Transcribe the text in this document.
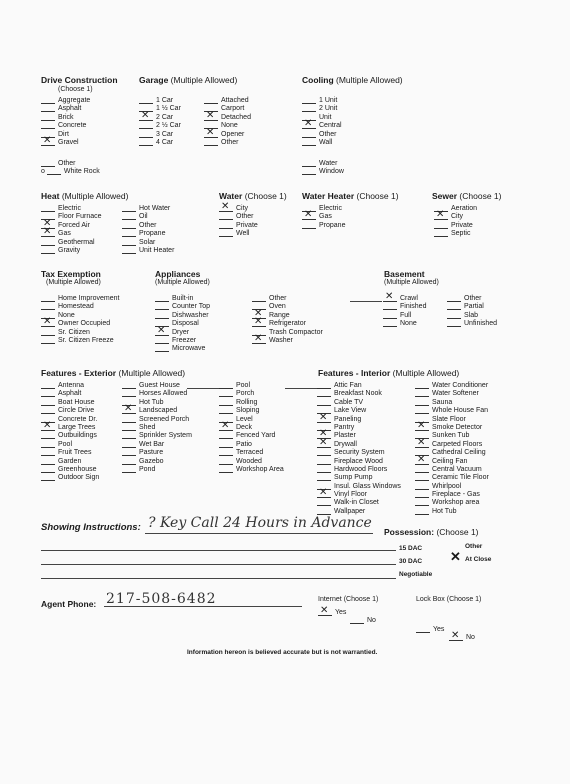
Drive Construction
(Choose 1)
Aggregate
Asphalt
Brick
Concrete
Dirt
✕Gravel
Other
o	White Rock
Garage (Multiple Allowed)
1 Car
1 ½ Car
✕2 Car
2 ½ Car
3 Car
4 Car
Attached
Carport
✕Detached
None
✕Opener
Other
Cooling (Multiple Allowed)
1 Unit
2 Unit
Unit
✕Central
Other
Wall
Water
Window
Heat (Multiple Allowed)
Electric
Floor Furnace
✕Forced Air
✕Gas
Geothermal
Gravity
Hot Water
Oil
Other
Propane
Solar
Unit Heater
Water (Choose 1)
✕City
Other
Private
Well
Water Heater (Choose 1)
Electric
✕Gas
Propane
Sewer (Choose 1)
Aeration
✕City
Private
Septic
Tax Exemption
(Multiple Allowed)
Home Improvement
Homestead
None
✕Owner Occupied
Sr. Citizen
Sr. Citizen Freeze
Appliances
(Multiple Allowed)
Built-in
Counter Top
Dishwasher
Disposal
✕Dryer
Freezer
Microwave
Other
Oven
✕Range
✕Refrigerator
Trash Compactor
✕Washer
Basement
(Multiple Allowed)
✕Crawl
Finished
Full
None
Other
Partial
Slab
Unfinished
Features - Exterior (Multiple Allowed)
Antenna
Asphalt
Boat House
Circle Drive
Concrete Dr.
✕Large Trees
Outbuildings
Pool
Fruit Trees
Garden
Greenhouse
Outdoor Sign
Guest House
Horses Allowed
Hot Tub
✕Landscaped
Screened Porch
Shed
Sprinkler System
Wet Bar
Pasture
Gazebo
Pond
Pool
Porch
Rolling
Sloping
Level
✕Deck
Fenced Yard
Patio
Terraced
Wooded
Workshop Area
Features - Interior (Multiple Allowed)
Attic Fan
Breakfast Nook
Cable TV
Lake View
✕Paneling
Pantry
✕Plaster
✕Drywall
Security System
Fireplace Wood
Hardwood Floors
Sump Pump
Insul. Glass Windows
✕Vinyl Floor
Walk-in Closet
Wallpaper
Water Conditioner
Water Softener
Sauna
Whole House Fan
Slate Floor
✕Smoke Detector
Sunken Tub
✕Carpeted Floors
Cathedral Ceiling
✕Ceiling Fan
Central Vacuum
Ceramic Tile Floor
Whirlpool
Fireplace - Gas
Workshop area
Hot Tub
Showing Instructions: ? Key Call 24 Hours in Advance
Possession: (Choose 1)
15 DAC
30 DAC
Negotiable
Other
✕ At Close
Agent Phone: 217-508-6482	Internet (Choose 1)
✕Yes
No
Lock Box (Choose 1)
Yes
✕No
Information hereon is believed accurate but is not warrantied.
